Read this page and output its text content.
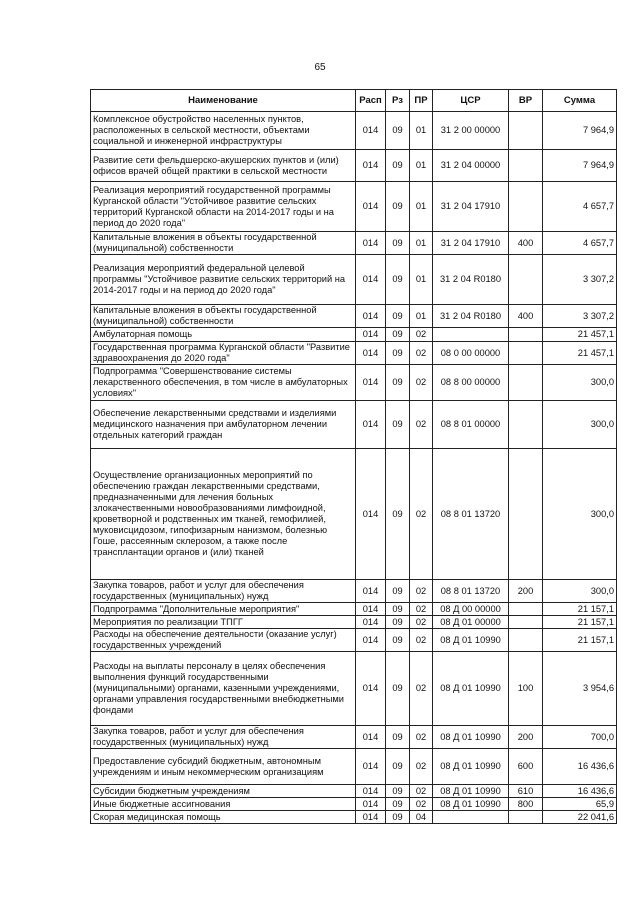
65
Наименование	Расп	Рз	ПР	ЦСР	ВР	Сумма
Комплексное обустройство населенных пунктов, расположенных в сельской местности, объектами социальной и инженерной инфраструктуры	014	09	01	31 2 00 00000		7 964,9
Развитие сети фельдшерско-акушерских пунктов и (или) офисов врачей общей практики в сельской местности	014	09	01	31 2 04 00000		7 964,9
Реализация мероприятий государственной программы Курганской области "Устойчивое развитие сельских территорий Курганской области на 2014-2017 годы и на период до 2020 года"	014	09	01	31 2 04 17910		4 657,7
Капитальные вложения в объекты государственной (муниципальной) собственности	014	09	01	31 2 04 17910	400	4 657,7
Реализация мероприятий федеральной целевой программы "Устойчивое развитие сельских территорий на 2014-2017 годы и на период до 2020 года"	014	09	01	31 2 04 R0180		3 307,2
Капитальные вложения в объекты государственной (муниципальной) собственности	014	09	01	31 2 04 R0180	400	3 307,2
Амбулаторная помощь	014	09	02			21 457,1
Государственная программа Курганской области "Развитие здравоохранения до 2020 года"	014	09	02	08 0 00 00000		21 457,1
Подпрограмма "Совершенствование системы лекарственного обеспечения, в том числе в амбулаторных условиях"	014	09	02	08 8 00 00000		300,0
Обеспечение лекарственными средствами и изделиями медицинского назначения при амбулаторном лечении отдельных категорий граждан	014	09	02	08 8 01 00000		300,0
Осуществление организационных мероприятий по обеспечению граждан лекарственными средствами, предназначенными для лечения больных злокачественными новообразованиями лимфоидной, кроветворной и родственных им тканей, гемофилией, муковисцидозом, гипофизарным нанизмом, болезнью Гоше, рассеянным склерозом, а также после трансплантации органов и (или) тканей	014	09	02	08 8 01 13720		300,0
Закупка товаров, работ и услуг для обеспечения государственных (муниципальных) нужд	014	09	02	08 8 01 13720	200	300,0
Подпрограмма "Дополнительные мероприятия"	014	09	02	08 Д 00 00000		21 157,1
Мероприятия по реализации ТПГГ	014	09	02	08 Д 01 00000		21 157,1
Расходы на обеспечение деятельности (оказание услуг) государственных учреждений	014	09	02	08 Д 01 10990		21 157,1
Расходы на выплаты персоналу в целях обеспечения выполнения функций государственными (муниципальными) органами, казенными учреждениями, органами управления государственными внебюджетными фондами	014	09	02	08 Д 01 10990	100	3 954,6
Закупка товаров, работ и услуг для обеспечения государственных (муниципальных) нужд	014	09	02	08 Д 01 10990	200	700,0
Предоставление субсидий бюджетным, автономным учреждениям и иным некоммерческим организациям	014	09	02	08 Д 01 10990	600	16 436,6
Субсидии бюджетным учреждениям	014	09	02	08 Д 01 10990	610	16 436,6
Иные бюджетные ассигнования	014	09	02	08 Д 01 10990	800	65,9
Скорая медицинская помощь	014	09	04			22 041,6
